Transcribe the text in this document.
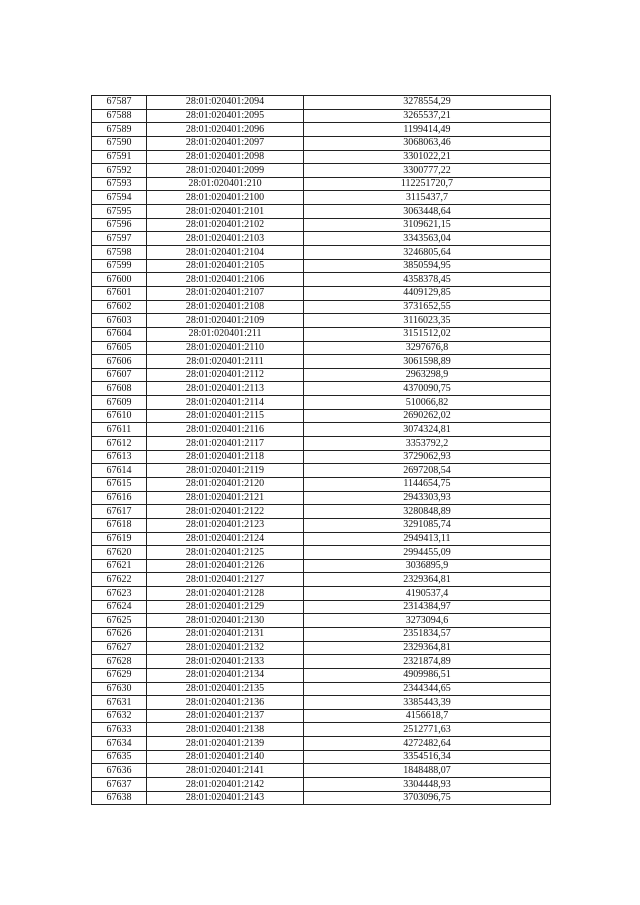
67587	28:01:020401:2094	3278554,29
67588	28:01:020401:2095	3265537,21
67589	28:01:020401:2096	1199414,49
67590	28:01:020401:2097	3068063,46
67591	28:01:020401:2098	3301022,21
67592	28:01:020401:2099	3300777,22
67593	28:01:020401:210	112251720,7
67594	28:01:020401:2100	3115437,7
67595	28:01:020401:2101	3063448,64
67596	28:01:020401:2102	3109621,15
67597	28:01:020401:2103	3343563,04
67598	28:01:020401:2104	3246805,64
67599	28:01:020401:2105	3850594,95
67600	28:01:020401:2106	4358378,45
67601	28:01:020401:2107	4409129,85
67602	28:01:020401:2108	3731652,55
67603	28:01:020401:2109	3116023,35
67604	28:01:020401:211	3151512,02
67605	28:01:020401:2110	3297676,8
67606	28:01:020401:2111	3061598,89
67607	28:01:020401:2112	2963298,9
67608	28:01:020401:2113	4370090,75
67609	28:01:020401:2114	510066,82
67610	28:01:020401:2115	2690262,02
67611	28:01:020401:2116	3074324,81
67612	28:01:020401:2117	3353792,2
67613	28:01:020401:2118	3729062,93
67614	28:01:020401:2119	2697208,54
67615	28:01:020401:2120	1144654,75
67616	28:01:020401:2121	2943303,93
67617	28:01:020401:2122	3280848,89
67618	28:01:020401:2123	3291085,74
67619	28:01:020401:2124	2949413,11
67620	28:01:020401:2125	2994455,09
67621	28:01:020401:2126	3036895,9
67622	28:01:020401:2127	2329364,81
67623	28:01:020401:2128	4190537,4
67624	28:01:020401:2129	2314384,97
67625	28:01:020401:2130	3273094,6
67626	28:01:020401:2131	2351834,57
67627	28:01:020401:2132	2329364,81
67628	28:01:020401:2133	2321874,89
67629	28:01:020401:2134	4909986,51
67630	28:01:020401:2135	2344344,65
67631	28:01:020401:2136	3385443,39
67632	28:01:020401:2137	4156618,7
67633	28:01:020401:2138	2512771,63
67634	28:01:020401:2139	4272482,64
67635	28:01:020401:2140	3354516,34
67636	28:01:020401:2141	1848488,07
67637	28:01:020401:2142	3304448,93
67638	28:01:020401:2143	3703096,75
